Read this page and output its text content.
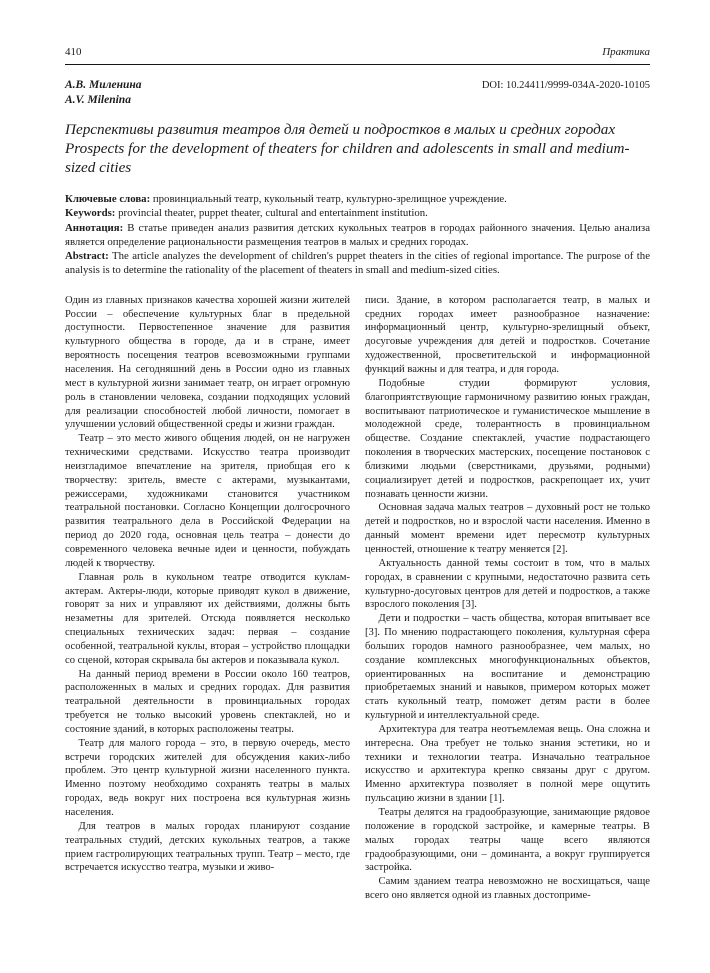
410	Практика
А.В. Миленина
A.V. Milenina
DOI: 10.24411/9999-034A-2020-10105
Перспективы развития театров для детей и подростков в малых и средних городах
Prospects for the development of theaters for children and adolescents in small and medium-sized cities

Ключевые слова: провинциальный театр, кукольный театр, культурно-зрелищное учреждение.

Keywords: provincial theater, puppet theater, cultural and entertainment institution.

Аннотация: В статье приведен анализ развития детских кукольных театров в городах районного значения. Целью анализа является определение рациональности размещения театров в малых и средних городах.

Abstract: The article analyzes the development of children's puppet theaters in the cities of regional importance. The purpose of the analysis is to determine the rationality of the placement of theaters in small and medium-sized cities.

Один из главных признаков качества хорошей жизни жителей России – обеспечение культурных благ в предельной доступности. Первостепенное значение для развития культурного общества в городе, да и в стране, имеет вероятность посещения театров всевозможными группами населения. На сегодняшний день в России одно из главных мест в культурной жизни занимает театр, он играет огромную роль в становлении человека, создании подходящих условий для реализации способностей любой личности, помогает в улучшении условий общественной среды и жизни граждан.

Театр – это место живого общения людей, он не нагружен техническими средствами. Искусство театра производит неизгладимое впечатление на зрителя, приобщая его к творчеству: зритель, вместе с актерами, музыкантами, режиссерами, художниками становится участником театральной постановки. Согласно Концепции долгосрочного развития театрального дела в Российской Федерации на период до 2020 года, основная цель театра – донести до современного человека вечные идеи и ценности, побуждать людей к творчеству.

Главная роль в кукольном театре отводится куклам-актерам. Актеры-люди, которые приводят кукол в движение, говорят за них и управляют их действиями, должны быть незаметны для зрителей. Отсюда появляется несколько специальных технических задач: первая – создание особенной, театральной куклы, вторая – устройство площадки со сценой, которая скрывала бы актеров и показывала кукол.

На данный период времени в России около 160 театров, расположенных в малых и средних городах. Для развития театральной деятельности в провинциальных городах требуется не только высокий уровень спектаклей, но и состояние зданий, в которых расположены театры.

Театр для малого города – это, в первую очередь, место встречи городских жителей для обсуждения каких-либо проблем. Это центр культурной жизни населенного пункта. Именно поэтому необходимо сохранять театры в малых городах, ведь вокруг них построена вся культурная жизнь населения.

Для театров в малых городах планируют создание театральных студий, детских кукольных театров, а также прием гастролирующих театральных трупп. Театр – место, где встречается искусство театра, музыки и живо-

писи. Здание, в котором располагается театр, в малых и средних городах имеет разнообразное назначение: информационный центр, культурно-зрелищный объект, досуговые учреждения для детей и подростков. Сочетание художественной, просветительской и информационной функций важны и для театра, и для города.

Подобные студии формируют условия, благоприятствующие гармоничному развитию юных граждан, воспитывают патриотическое и гуманистическое мышление в молодежной среде, толерантность в провинциальном обществе. Создание спектаклей, участие подрастающего поколения в творческих мастерских, посещение постановок с близкими людьми (сверстниками, друзьями, родными) социализирует детей и подростков, раскрепощает их, учит познавать ценности жизни.

Основная задача малых театров – духовный рост не только детей и подростков, но и взрослой части населения. Именно в данный момент времени идет пересмотр культурных ценностей, отношение к театру меняется [2].

Актуальность данной темы состоит в том, что в малых городах, в сравнении с крупными, недостаточно развита сеть культурно-досуговых центров для детей и подростков, а также взрослого поколения [3].

Дети и подростки – часть общества, которая впитывает все [3]. По мнению подрастающего поколения, культурная сфера больших городов намного разнообразнее, чем малых, но создание комплексных многофункциональных объектов, ориентированных на воспитание и демонстрацию приобретаемых знаний и навыков, примером которых может стать кукольный театр, поможет детям расти в более культурной и интеллектуальной среде.

Архитектура для театра неотъемлемая вещь. Она сложна и интересна. Она требует не только знания эстетики, но и техники и технологии театра. Изначально театральное искусство и архитектура крепко связаны друг с другом. Именно архитектура позволяет в полной мере ощутить пульсацию жизни в здании [1].

Театры делятся на градообразующие, занимающие рядовое положение в городской застройке, и камерные театры. В малых городах театры чаще всего являются градообразующими, они – доминанта, а вокруг группируется застройка.

Самим зданием театра невозможно не восхищаться, чаще всего оно является одной из главных достоприме-
